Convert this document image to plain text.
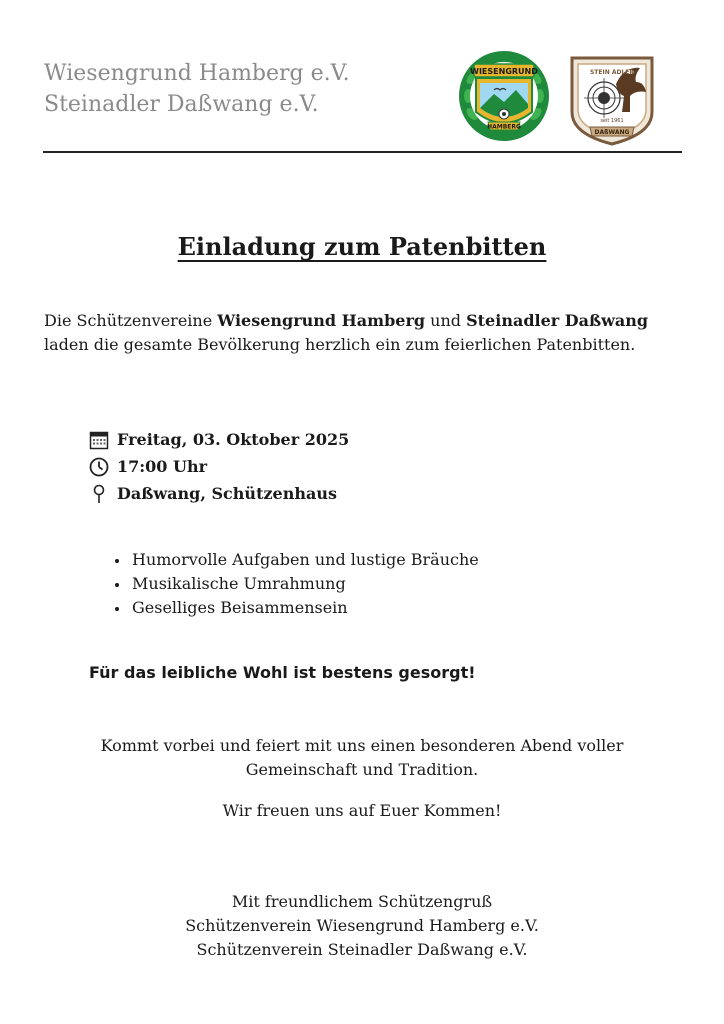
Wiesengrund Hamberg e.V.
Steinadler Daßwang e.V.
WIESENGRUND
HAMBERG
STEIN ADLER
seit 1961
DAßWANG
Einladung zum Patenbitten
Die Schützenvereine Wiesengrund Hamberg und Steinadler Daßwang
laden die gesamte Bevölkerung herzlich ein zum feierlichen Patenbitten.
Freitag, 03. Oktober 2025
17:00 Uhr
Daßwang, Schützenhaus
Humorvolle Aufgaben und lustige Bräuche
Musikalische Umrahmung
Geselliges Beisammensein
Für das leibliche Wohl ist bestens gesorgt!
Kommt vorbei und feiert mit uns einen besonderen Abend voller
Gemeinschaft und Tradition.
Wir freuen uns auf Euer Kommen!
Mit freundlichem Schützengruß
Schützenverein Wiesengrund Hamberg e.V.
Schützenverein Steinadler Daßwang e.V.
